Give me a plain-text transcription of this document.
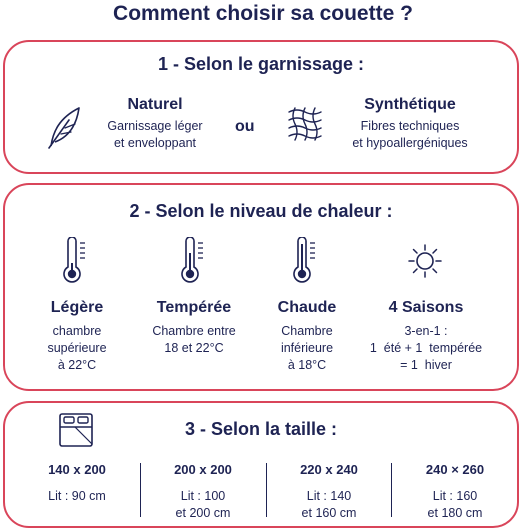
Comment choisir sa couette ?
1 - Selon le garnissage :
Naturel
Garnissage léger
et enveloppant
ou
Synthétique
Fibres techniques
et hypoallergéniques
2 - Selon le niveau de chaleur :
Légère
chambre
supérieure
à 22°C
Tempérée
Chambre entre
18 et 22°C
Chaude
Chambre
inférieure
à 18°C
4 Saisons
3-en-1 :
1  été + 1  tempérée
= 1  hiver
3 - Selon la taille :
140 x 200
Lit : 90 cm
200 x 200
Lit : 100
et 200 cm
220 x 240
Lit : 140
et 160 cm
240 × 260
Lit : 160
et 180 cm
